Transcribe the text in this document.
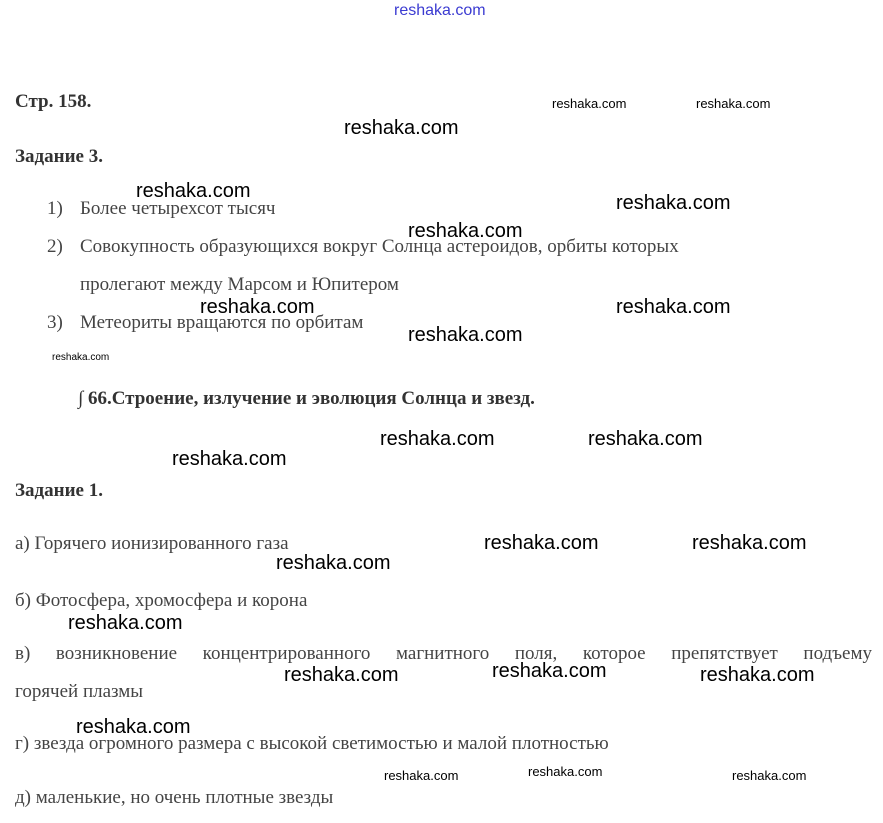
reshaka.com
Стр. 158.
Задание 3.
1) Более четырехсот тысяч
2) Совокупность образующихся вокруг Солнца астероидов, орбиты которых
пролегают между Марсом и Юпитером
3) Метеориты вращаются по орбитам
∫ 66.Строение, излучение и эволюция Солнца и звезд.
Задание 1.
а) Горячего ионизированного газа
б) Фотосфера, хромосфера и корона
в) возникновение концентрированного магнитного поля, которое препятствует подъему
горячей плазмы
г) звезда огромного размера с высокой светимостью и малой плотностью
д) маленькие, но очень плотные звезды
reshaka.com	reshaka.com
reshaka.com
reshaka.com
reshaka.com
reshaka.com
reshaka.com	reshaka.com
reshaka.com
reshaka.com
reshaka.com	reshaka.com
reshaka.com
reshaka.com	reshaka.com
reshaka.com
reshaka.com
reshaka.com
reshaka.com	reshaka.com
reshaka.com
reshaka.com
reshaka.com	reshaka.com
